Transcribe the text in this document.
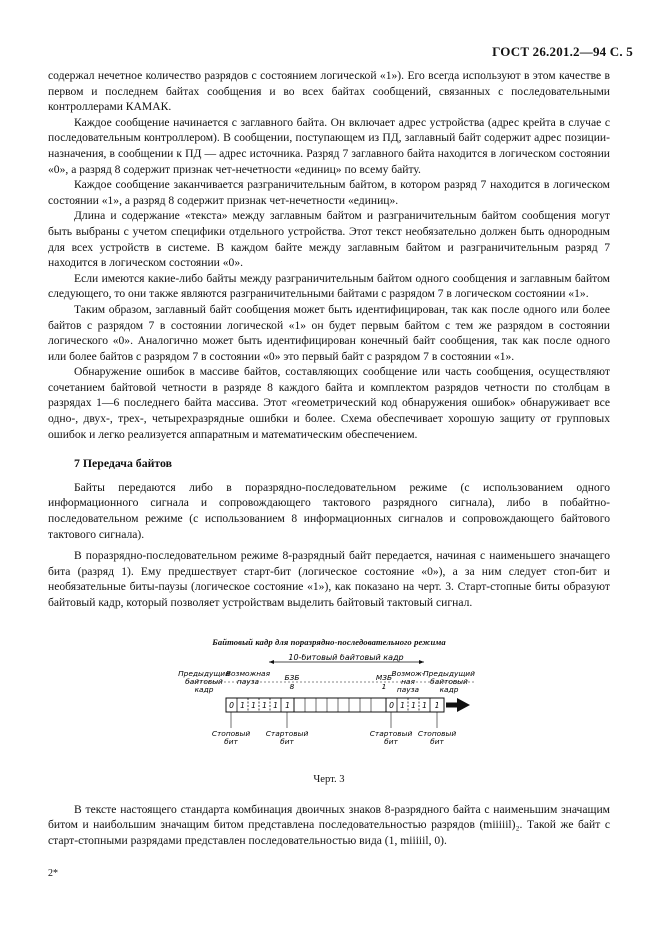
ГОСТ 26.201.2—94 С. 5

содержал нечетное количество разрядов с состоянием логической «1»). Его всегда используют в этом качестве в первом и последнем байтах сообщения и во всех байтах сообщений, связанных с последовательными контроллерами КАМАК.

Каждое сообщение начинается с заглавного байта. Он включает адрес устройства (адрес крейта в случае с последовательным контроллером). В сообщении, поступающем из ПД, заглавный байт содержит адрес позиции-назначения, в сообщении к ПД — адрес источника. Разряд 7 заглавного байта находится в логическом состоянии «0», а разряд 8 содержит признак чет-нечетности «единиц» по всему байту.

Каждое сообщение заканчивается разграничительным байтом, в котором разряд 7 находится в логическом состоянии «1», а разряд 8 содержит признак чет-нечетности «единиц».

Длина и содержание «текста» между заглавным байтом и разграничительным байтом сообщения могут быть выбраны с учетом специфики отдельного устройства. Этот текст необязательно должен быть однородным для всех устройств в системе. В каждом байте между заглавным байтом и разграничительным разряд 7 находится в логическом состоянии «0».

Если имеются какие-либо байты между разграничительным байтом одного сообщения и заглавным байтом следующего, то они также являются разграничительными байтами с разрядом 7 в логическом состоянии «1».

Таким образом, заглавный байт сообщения может быть идентифицирован, так как после одного или более байтов с разрядом 7 в состоянии логической «1» он будет первым байтом с тем же разрядом в состоянии логического «0». Аналогично может быть идентифицирован конечный байт сообщения, так как после одного или более байтов с разрядом 7 в состоянии «0» это первый байт с разрядом 7 в состоянии «1».

Обнаружение ошибок в массиве байтов, составляющих сообщение или часть сообщения, осуществляют сочетанием байтовой четности в разряде 8 каждого байта и комплектом разрядов четности по столбцам в разрядах 1—6 последнего байта массива. Этот «геометрический код обнаружения ошибок» обнаруживает все одно-, двух-, трех-, четырехразрядные ошибки и более. Схема обеспечивает хорошую защиту от групповых ошибок и легко реализуется аппаратным и математическим обеспечением.

7 Передача байтов

Байты передаются либо в поразрядно-последовательном режиме (с использованием одного информационного сигнала и сопровождающего тактового разрядного сигнала), либо в побайтно-последовательном режиме (с использованием 8 информационных сигналов и сопровождающего байтового тактового сигнала).

В поразрядно-последовательном режиме 8-разрядный байт передается, начиная с наименьшего значащего бита (разряд 1). Ему предшествует старт-бит (логическое состояние «0»), а за ним следует стоп-бит и необязательные биты-паузы (логическое состояние «1»), как показано на черт. 3. Старт-стопные биты образуют байтовый кадр, который позволяет устройствам выделить байтовый тактовый сигнал.

Байтовый кадр для поразрядно-последовательного режима
10-битовый байтовый кадр
Предыдущий
байтовый
кадр
Возможная
пауза	БЗБ
8
МЗБ
1
Возмож-
ная
пауза
Предыдущий
байтовый
кадр
0 1 1 1 1 1	0 1 1 1 1
Стоповый
бит
Стартовый
бит
Стартовый
бит
Стоповый
бит
Черт. 3

В тексте настоящего стандарта комбинация двоичных знаков 8-разрядного байта с наименьшим значащим битом и наибольшим значащим битом представлена последовательностью разрядов (miiiiil)₂. Такой же байт с старт-стопными разрядами представлен последовательностью вида (1, miiiiil, 0).

2*
